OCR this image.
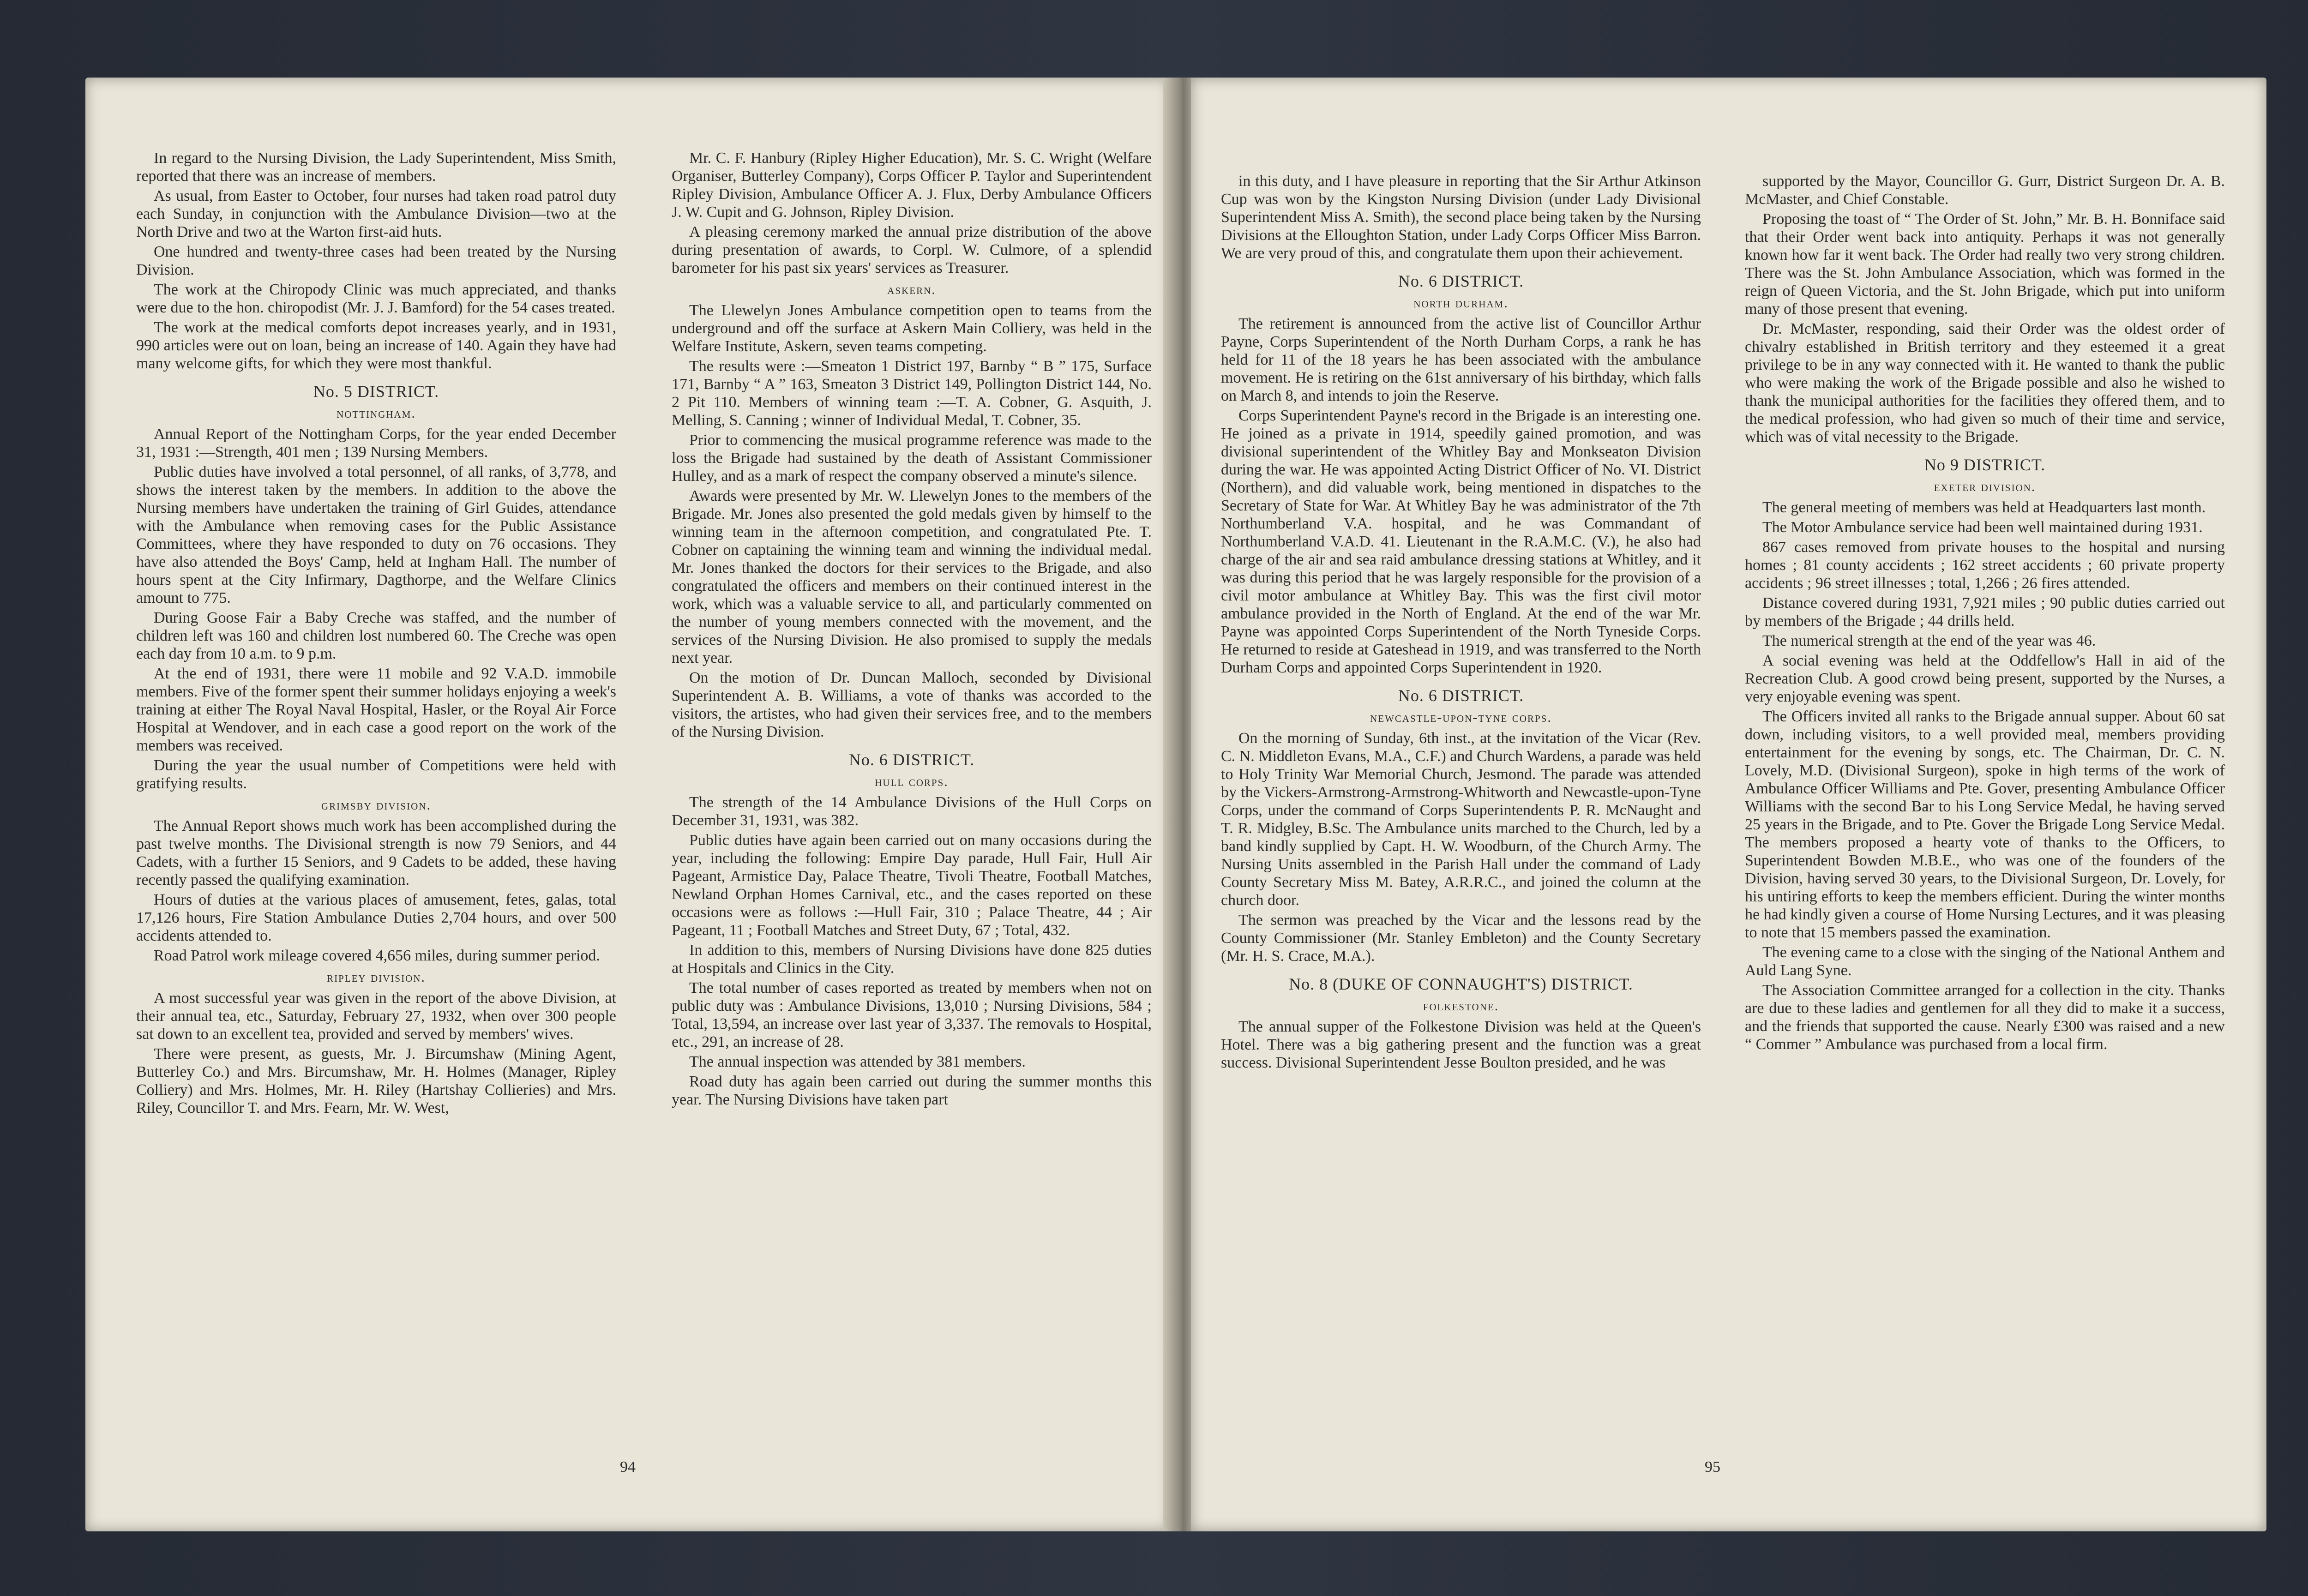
In regard to the Nursing Division, the Lady Superintendent, Miss Smith, reported that there was an increase of members.

As usual, from Easter to October, four nurses had taken road patrol duty each Sunday, in conjunction with the Ambulance Division—two at the North Drive and two at the Warton first-aid huts.

One hundred and twenty-three cases had been treated by the Nursing Division.

The work at the Chiropody Clinic was much appreciated, and thanks were due to the hon. chiropodist (Mr. J. J. Bamford) for the 54 cases treated.

The work at the medical comforts depot increases yearly, and in 1931, 990 articles were out on loan, being an increase of 140. Again they have had many welcome gifts, for which they were most thankful.

No. 5 DISTRICT.

nottingham.

Annual Report of the Nottingham Corps, for the year ended December 31, 1931 :—Strength, 401 men ; 139 Nursing Members.

Public duties have involved a total personnel, of all ranks, of 3,778, and shows the interest taken by the members. In addition to the above the Nursing members have undertaken the training of Girl Guides, attendance with the Ambulance when removing cases for the Public Assistance Committees, where they have responded to duty on 76 occasions. They have also attended the Boys' Camp, held at Ingham Hall. The number of hours spent at the City Infirmary, Dagthorpe, and the Welfare Clinics amount to 775.

During Goose Fair a Baby Creche was staffed, and the number of children left was 160 and children lost numbered 60. The Creche was open each day from 10 a.m. to 9 p.m.

At the end of 1931, there were 11 mobile and 92 V.A.D. immobile members. Five of the former spent their summer holidays enjoying a week's training at either The Royal Naval Hospital, Hasler, or the Royal Air Force Hospital at Wendover, and in each case a good report on the work of the members was received.

During the year the usual number of Competitions were held with gratifying results.

grimsby division.

The Annual Report shows much work has been accomplished during the past twelve months. The Divisional strength is now 79 Seniors, and 44 Cadets, with a further 15 Seniors, and 9 Cadets to be added, these having recently passed the qualifying examination.

Hours of duties at the various places of amusement, fetes, galas, total 17,126 hours, Fire Station Ambulance Duties 2,704 hours, and over 500 accidents attended to.

Road Patrol work mileage covered 4,656 miles, during summer period.

ripley division.

A most successful year was given in the report of the above Division, at their annual tea, etc., Saturday, February 27, 1932, when over 300 people sat down to an excellent tea, provided and served by members' wives.

There were present, as guests, Mr. J. Bircumshaw (Mining Agent, Butterley Co.) and Mrs. Bircumshaw, Mr. H. Holmes (Manager, Ripley Colliery) and Mrs. Holmes, Mr. H. Riley (Hartshay Collieries) and Mrs. Riley, Councillor T. and Mrs. Fearn, Mr. W. West,

Mr. C. F. Hanbury (Ripley Higher Education), Mr. S. C. Wright (Welfare Organiser, Butterley Company), Corps Officer P. Taylor and Superintendent Ripley Division, Ambulance Officer A. J. Flux, Derby Ambulance Officers J. W. Cupit and G. Johnson, Ripley Division.

A pleasing ceremony marked the annual prize distribution of the above during presentation of awards, to Corpl. W. Culmore, of a splendid barometer for his past six years' services as Treasurer.

askern.

The Llewelyn Jones Ambulance competition open to teams from the underground and off the surface at Askern Main Colliery, was held in the Welfare Institute, Askern, seven teams competing.

The results were :—Smeaton 1 District 197, Barnby “ B ” 175, Surface 171, Barnby “ A ” 163, Smeaton 3 District 149, Pollington District 144, No. 2 Pit 110. Members of winning team :—T. A. Cobner, G. Asquith, J. Melling, S. Canning ; winner of Individual Medal, T. Cobner, 35.

Prior to commencing the musical programme reference was made to the loss the Brigade had sustained by the death of Assistant Commissioner Hulley, and as a mark of respect the company observed a minute's silence.

Awards were presented by Mr. W. Llewelyn Jones to the members of the Brigade. Mr. Jones also presented the gold medals given by himself to the winning team in the afternoon competition, and congratulated Pte. T. Cobner on captaining the winning team and winning the individual medal. Mr. Jones thanked the doctors for their services to the Brigade, and also congratulated the officers and members on their continued interest in the work, which was a valuable service to all, and particularly commented on the number of young members connected with the movement, and the services of the Nursing Division. He also promised to supply the medals next year.

On the motion of Dr. Duncan Malloch, seconded by Divisional Superintendent A. B. Williams, a vote of thanks was accorded to the visitors, the artistes, who had given their services free, and to the members of the Nursing Division.

No. 6 DISTRICT.

hull corps.

The strength of the 14 Ambulance Divisions of the Hull Corps on December 31, 1931, was 382.

Public duties have again been carried out on many occasions during the year, including the following: Empire Day parade, Hull Fair, Hull Air Pageant, Armistice Day, Palace Theatre, Tivoli Theatre, Football Matches, Newland Orphan Homes Carnival, etc., and the cases reported on these occasions were as follows :—Hull Fair, 310 ; Palace Theatre, 44 ; Air Pageant, 11 ; Football Matches and Street Duty, 67 ; Total, 432.

In addition to this, members of Nursing Divisions have done 825 duties at Hospitals and Clinics in the City.

The total number of cases reported as treated by members when not on public duty was : Ambulance Divisions, 13,010 ; Nursing Divisions, 584 ; Total, 13,594, an increase over last year of 3,337. The removals to Hospital, etc., 291, an increase of 28.

The annual inspection was attended by 381 members.

Road duty has again been carried out during the summer months this year. The Nursing Divisions have taken part

94

in this duty, and I have pleasure in reporting that the Sir Arthur Atkinson Cup was won by the Kingston Nursing Division (under Lady Divisional Superintendent Miss A. Smith), the second place being taken by the Nursing Divisions at the Elloughton Station, under Lady Corps Officer Miss Barron. We are very proud of this, and congratulate them upon their achievement.

No. 6 DISTRICT.

north durham.

The retirement is announced from the active list of Councillor Arthur Payne, Corps Superintendent of the North Durham Corps, a rank he has held for 11 of the 18 years he has been associated with the ambulance movement. He is retiring on the 61st anniversary of his birthday, which falls on March 8, and intends to join the Reserve.

Corps Superintendent Payne's record in the Brigade is an interesting one. He joined as a private in 1914, speedily gained promotion, and was divisional superintendent of the Whitley Bay and Monkseaton Division during the war. He was appointed Acting District Officer of No. VI. District (Northern), and did valuable work, being mentioned in dispatches to the Secretary of State for War. At Whitley Bay he was administrator of the 7th Northumberland V.A. hospital, and he was Commandant of Northumberland V.A.D. 41. Lieutenant in the R.A.M.C. (V.), he also had charge of the air and sea raid ambulance dressing stations at Whitley, and it was during this period that he was largely responsible for the provision of a civil motor ambulance at Whitley Bay. This was the first civil motor ambulance provided in the North of England. At the end of the war Mr. Payne was appointed Corps Superintendent of the North Tyneside Corps. He returned to reside at Gateshead in 1919, and was transferred to the North Durham Corps and appointed Corps Superintendent in 1920.

No. 6 DISTRICT.

newcastle-upon-tyne corps.

On the morning of Sunday, 6th inst., at the invitation of the Vicar (Rev. C. N. Middleton Evans, M.A., C.F.) and Church Wardens, a parade was held to Holy Trinity War Memorial Church, Jesmond. The parade was attended by the Vickers-Armstrong-Armstrong-Whitworth and Newcastle-upon-Tyne Corps, under the command of Corps Superintendents P. R. McNaught and T. R. Midgley, B.Sc. The Ambulance units marched to the Church, led by a band kindly supplied by Capt. H. W. Woodburn, of the Church Army. The Nursing Units assembled in the Parish Hall under the command of Lady County Secretary Miss M. Batey, A.R.R.C., and joined the column at the church door.

The sermon was preached by the Vicar and the lessons read by the County Commissioner (Mr. Stanley Embleton) and the County Secretary (Mr. H. S. Crace, M.A.).

No. 8 (DUKE OF CONNAUGHT'S) DISTRICT.

folkestone.

The annual supper of the Folkestone Division was held at the Queen's Hotel. There was a big gathering present and the function was a great success. Divisional Superintendent Jesse Boulton presided, and he was

supported by the Mayor, Councillor G. Gurr, District Surgeon Dr. A. B. McMaster, and Chief Constable.

Proposing the toast of “ The Order of St. John,” Mr. B. H. Bonniface said that their Order went back into antiquity. Perhaps it was not generally known how far it went back. The Order had really two very strong children. There was the St. John Ambulance Association, which was formed in the reign of Queen Victoria, and the St. John Brigade, which put into uniform many of those present that evening.

Dr. McMaster, responding, said their Order was the oldest order of chivalry established in British territory and they esteemed it a great privilege to be in any way connected with it. He wanted to thank the public who were making the work of the Brigade possible and also he wished to thank the municipal authorities for the facilities they offered them, and to the medical profession, who had given so much of their time and service, which was of vital necessity to the Brigade.

No 9 DISTRICT.

exeter division.

The general meeting of members was held at Headquarters last month.

The Motor Ambulance service had been well maintained during 1931.

867 cases removed from private houses to the hospital and nursing homes ; 81 county accidents ; 162 street accidents ; 60 private property accidents ; 96 street illnesses ; total, 1,266 ; 26 fires attended.

Distance covered during 1931, 7,921 miles ; 90 public duties carried out by members of the Brigade ; 44 drills held.

The numerical strength at the end of the year was 46.

A social evening was held at the Oddfellow's Hall in aid of the Recreation Club. A good crowd being present, supported by the Nurses, a very enjoyable evening was spent.

The Officers invited all ranks to the Brigade annual supper. About 60 sat down, including visitors, to a well provided meal, members providing entertainment for the evening by songs, etc. The Chairman, Dr. C. N. Lovely, M.D. (Divisional Surgeon), spoke in high terms of the work of Ambulance Officer Williams and Pte. Gover, presenting Ambulance Officer Williams with the second Bar to his Long Service Medal, he having served 25 years in the Brigade, and to Pte. Gover the Brigade Long Service Medal. The members proposed a hearty vote of thanks to the Officers, to Superintendent Bowden M.B.E., who was one of the founders of the Division, having served 30 years, to the Divisional Surgeon, Dr. Lovely, for his untiring efforts to keep the members efficient. During the winter months he had kindly given a course of Home Nursing Lectures, and it was pleasing to note that 15 members passed the examination.

The evening came to a close with the singing of the National Anthem and Auld Lang Syne.

The Association Committee arranged for a collection in the city. Thanks are due to these ladies and gentlemen for all they did to make it a success, and the friends that supported the cause. Nearly £300 was raised and a new “ Commer ” Ambulance was purchased from a local firm.

95
